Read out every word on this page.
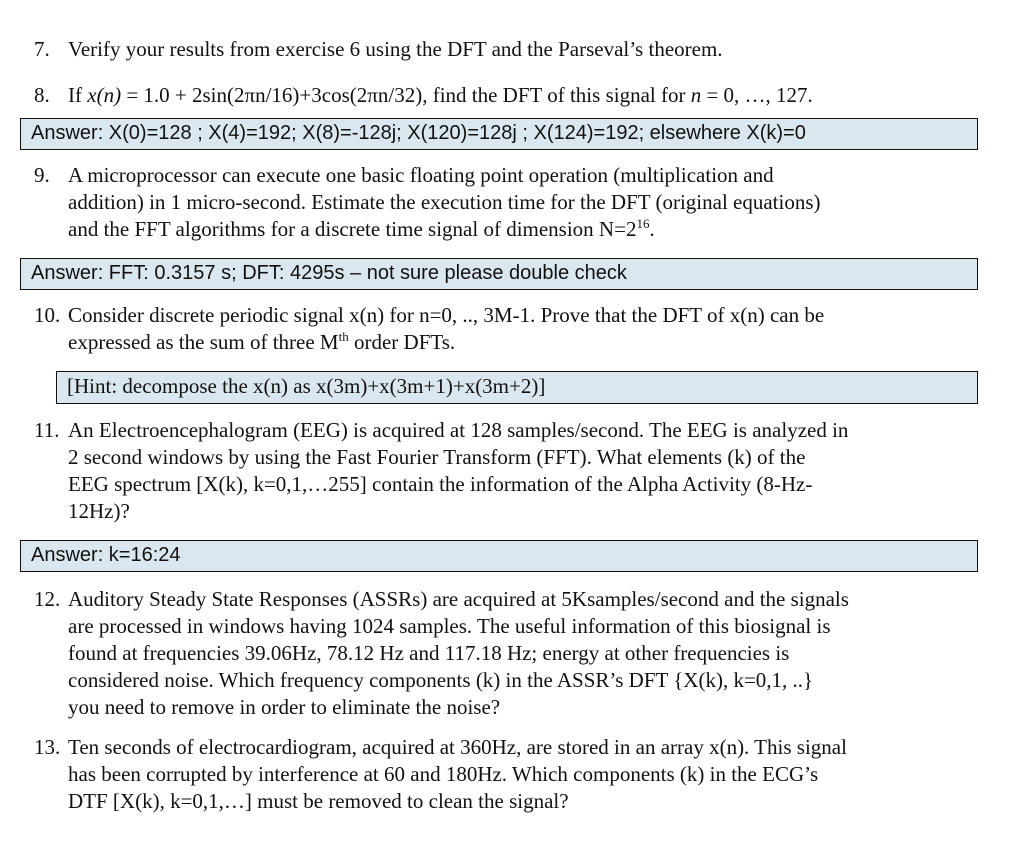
7. Verify your results from exercise 6 using the DFT and the Parseval’s theorem.
8. If x(n) = 1.0 + 2sin(2πn/16)+3cos(2πn/32), find the DFT of this signal for n = 0, …, 127.
Answer: X(0)=128 ; X(4)=192; X(8)=-128j; X(120)=128j ; X(124)=192; elsewhere X(k)=0
9. A microprocessor can execute one basic floating point operation (multiplication and
addition) in 1 micro-second. Estimate the execution time for the DFT (original equations)
and the FFT algorithms for a discrete time signal of dimension $N=2^{16}$.
Answer: FFT: 0.3157 s; DFT: 4295s – not sure please double check
10. Consider discrete periodic signal x(n) for n=0, .., 3M-1. Prove that the DFT of x(n) can be
expressed as the sum of three Mth order DFTs.
[Hint: decompose the x(n) as x(3m)+x(3m+1)+x(3m+2)]
11. An Electroencephalogram (EEG) is acquired at 128 samples/second. The EEG is analyzed in
2 second windows by using the Fast Fourier Transform (FFT). What elements (k) of the
EEG spectrum [X(k), k=0,1,…255] contain the information of the Alpha Activity (8-Hz-
12Hz)?
Answer: k=16:24
12. Auditory Steady State Responses (ASSRs) are acquired at 5Ksamples/second and the signals
are processed in windows having 1024 samples. The useful information of this biosignal is
found at frequencies 39.06Hz, 78.12 Hz and 117.18 Hz; energy at other frequencies is
considered noise. Which frequency components (k) in the ASSR’s DFT {X(k), k=0,1, ..}
you need to remove in order to eliminate the noise?
13. Ten seconds of electrocardiogram, acquired at 360Hz, are stored in an array x(n). This signal
has been corrupted by interference at 60 and 180Hz. Which components (k) in the ECG’s
DTF [X(k), k=0,1,…] must be removed to clean the signal?
